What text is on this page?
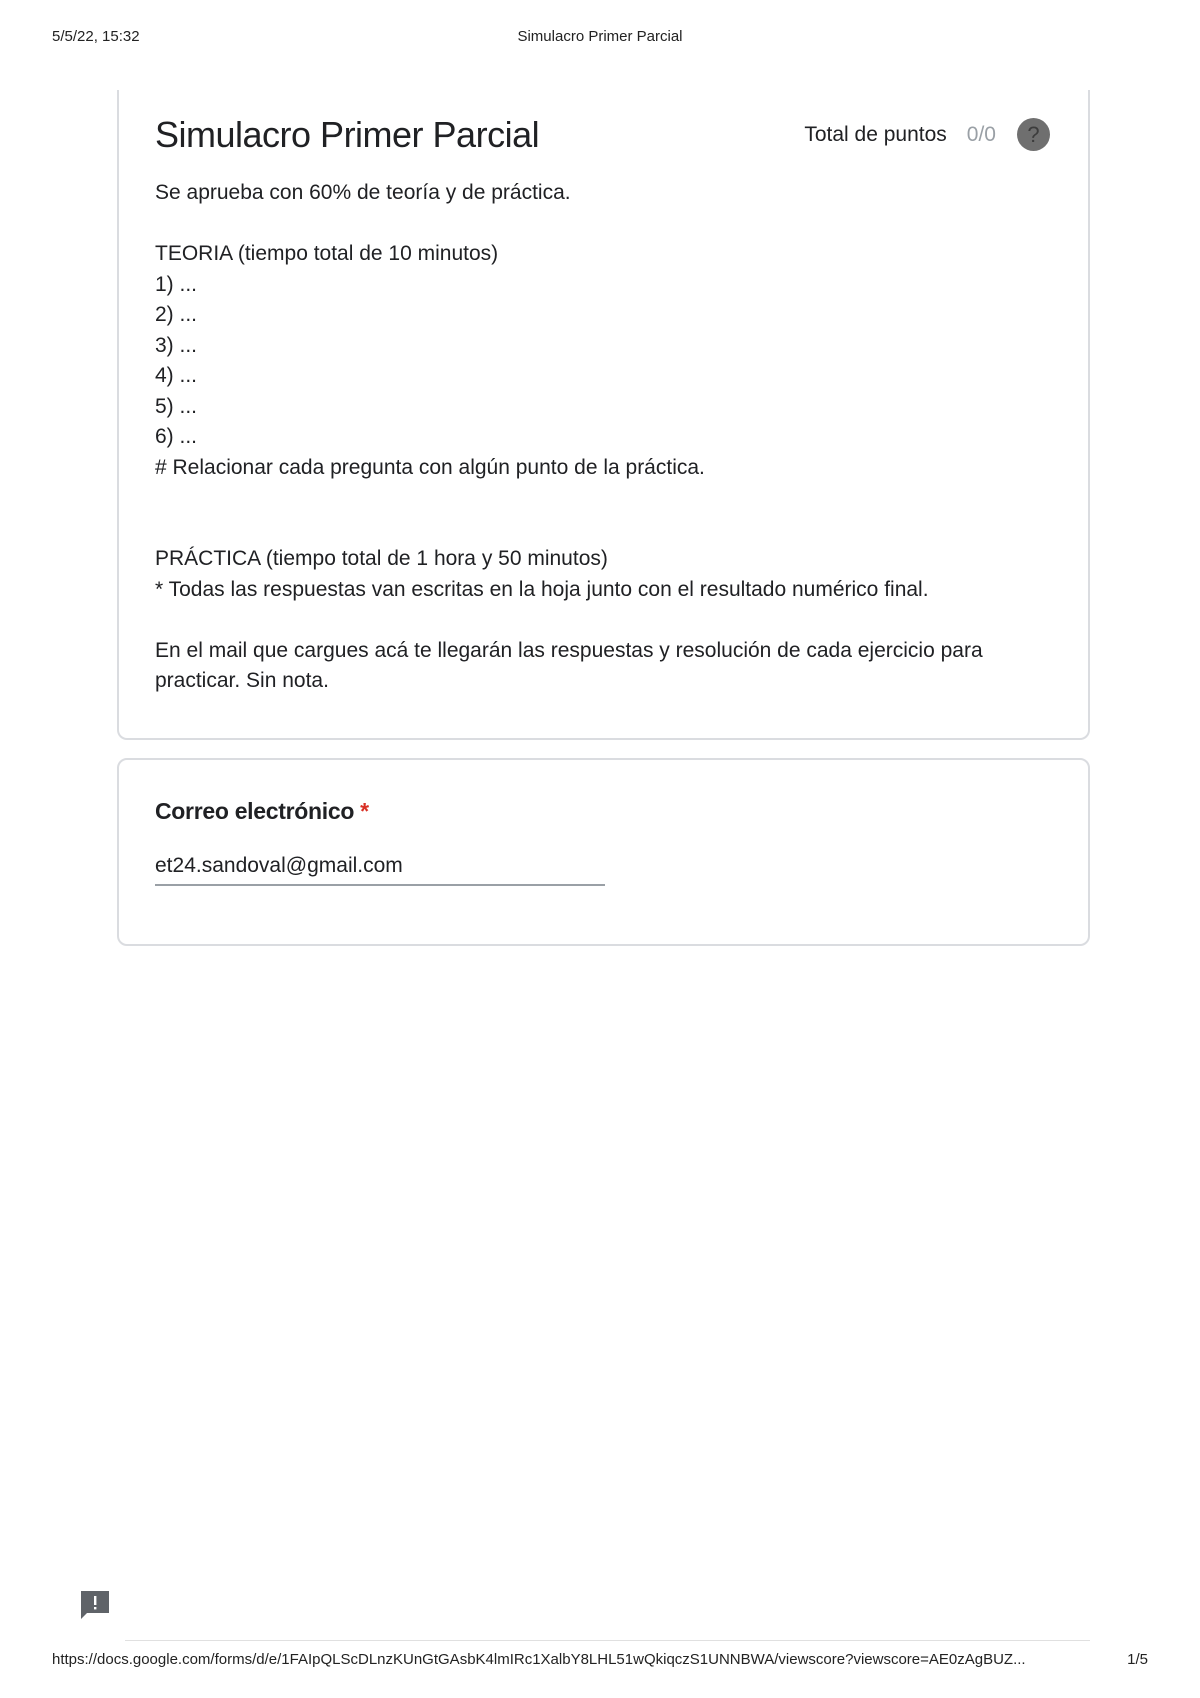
5/5/22, 15:32	Simulacro Primer Parcial
Simulacro Primer Parcial	Total de puntos 0/0	?
Se aprueba con 60% de teoría y de práctica.
TEORIA (tiempo total de 10 minutos)
1) ...
2) ...
3) ...
4) ...
5) ...
6) ...
# Relacionar cada pregunta con algún punto de la práctica.
PRÁCTICA (tiempo total de 1 hora y 50 minutos)
* Todas las respuestas van escritas en la hoja junto con el resultado numérico final.
En el mail que cargues acá te llegarán las respuestas y resolución de cada ejercicio para practicar. Sin nota.
Correo electrónico *
et24.sandoval@gmail.com
https://docs.google.com/forms/d/e/1FAIpQLScDLnzKUnGtGAsbK4lmIRc1XalbY8LHL51wQkiqczS1UNNBWA/viewscore?viewscore=AE0zAgBUZ...	1/5
